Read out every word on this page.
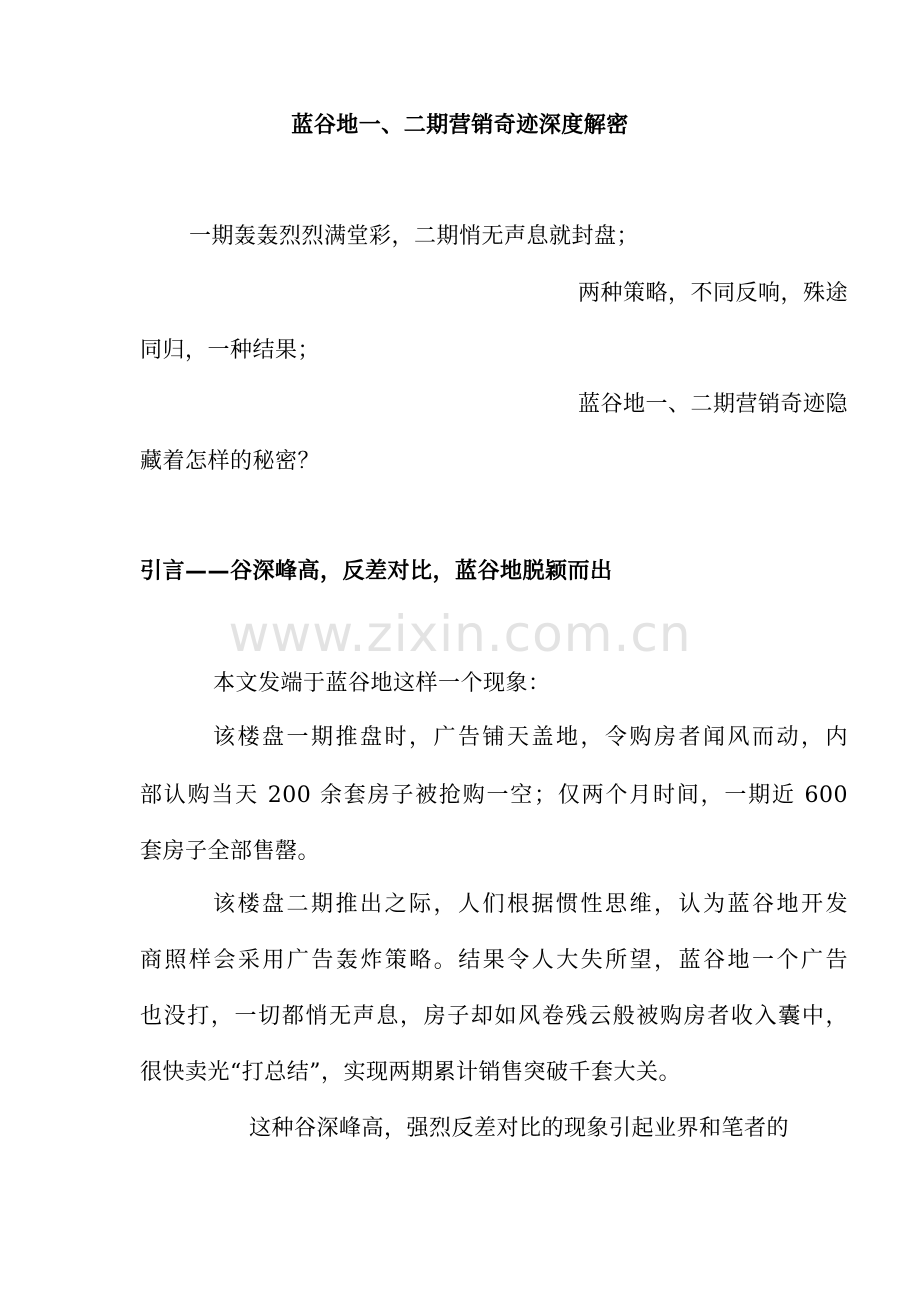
蓝谷地一、二期营销奇迹深度解密
一期轰轰烈烈满堂彩，二期悄无声息就封盘；
两种策略，不同反响，殊途
同归，一种结果；
蓝谷地一、二期营销奇迹隐
藏着怎样的秘密？
引言——谷深峰高，反差对比，蓝谷地脱颖而出
www.zixin.com.cn
本文发端于蓝谷地这样一个现象：
该楼盘一期推盘时，广告铺天盖地，令购房者闻风而动，内
部认购当天 200 余套房子被抢购一空；仅两个月时间，一期近 600
套房子全部售罄。
该楼盘二期推出之际，人们根据惯性思维，认为蓝谷地开发
商照样会采用广告轰炸策略。结果令人大失所望，蓝谷地一个广告
也没打，一切都悄无声息，房子却如风卷残云般被购房者收入囊中，
很快卖光“打总结”，实现两期累计销售突破千套大关。
这种谷深峰高，强烈反差对比的现象引起业界和笔者的
